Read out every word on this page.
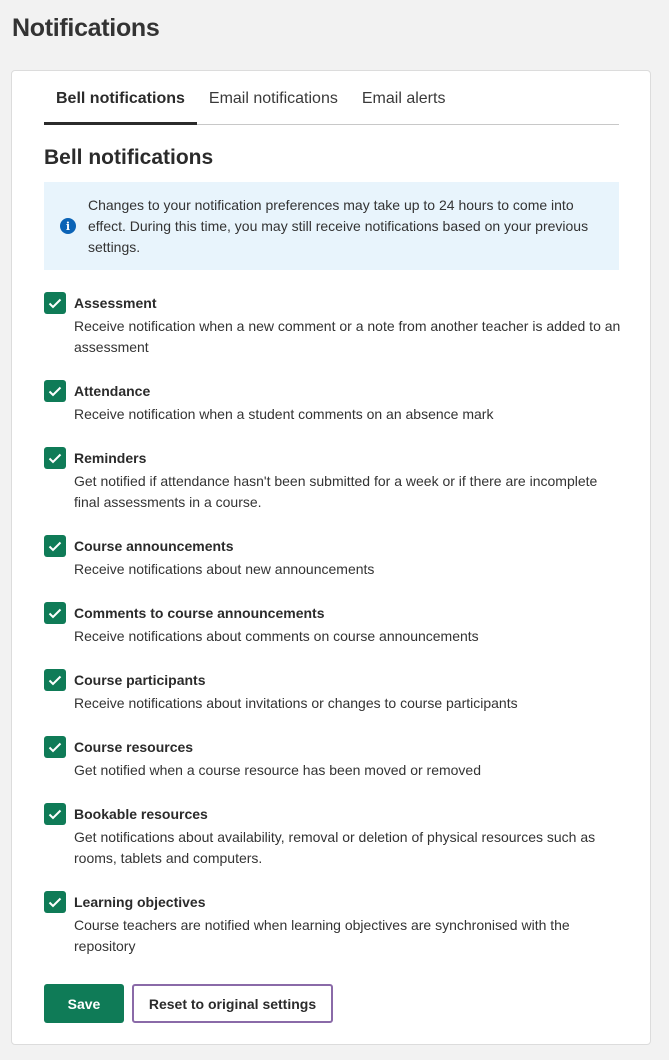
Notifications
Bell notifications	Email notifications	Email alerts
Bell notifications
i
Changes to your notification preferences may take up to 24 hours to come into effect. During this time, you may still receive notifications based on your previous settings.
Assessment
Receive notification when a new comment or a note from another teacher is added to an assessment
Attendance
Receive notification when a student comments on an absence mark
Reminders
Get notified if attendance hasn't been submitted for a week or if there are incomplete final assessments in a course.
Course announcements
Receive notifications about new announcements
Comments to course announcements
Receive notifications about comments on course announcements
Course participants
Receive notifications about invitations or changes to course participants
Course resources
Get notified when a course resource has been moved or removed
Bookable resources
Get notifications about availability, removal or deletion of physical resources such as rooms, tablets and computers.
Learning objectives
Course teachers are notified when learning objectives are synchronised with the repository
Save	Reset to original settings
